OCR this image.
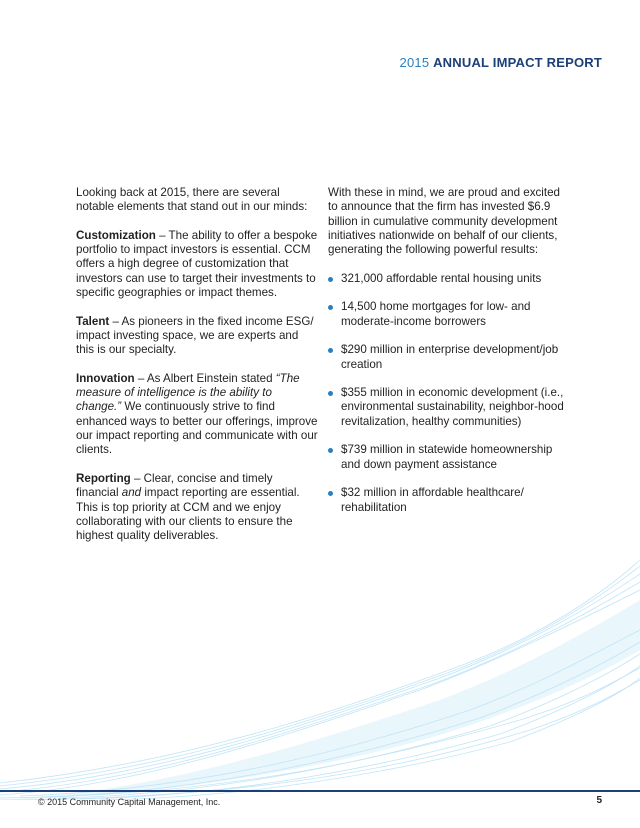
2015 ANNUAL IMPACT REPORT

Looking back at 2015, there are several notable elements that stand out in our minds:

Customization – The ability to offer a bespoke portfolio to impact investors is essential. CCM offers a high degree of customization that investors can use to target their investments to specific geographies or impact themes.

Talent – As pioneers in the fixed income ESG/ impact investing space, we are experts and this is our specialty.

Innovation – As Albert Einstein stated “The measure of intelligence is the ability to change.” We continuously strive to find enhanced ways to better our offerings, improve our impact reporting and communicate with our clients.

Reporting – Clear, concise and timely financial and impact reporting are essential. This is top priority at CCM and we enjoy collaborating with our clients to ensure the highest quality deliverables.

With these in mind, we are proud and excited to announce that the firm has invested $6.9 billion in cumulative community development initiatives nationwide on behalf of our clients, generating the following powerful results:

321,000 affordable rental housing units
14,500 home mortgages for low- and moderate-income borrowers
$290 million in enterprise development/job creation
$355 million in economic development (i.e., environmental sustainability, neighbor-hood revitalization, healthy communities)
$739 million in statewide homeownership and down payment assistance
$32 million in affordable healthcare/ rehabilitation
© 2015 Community Capital Management, Inc.	5
